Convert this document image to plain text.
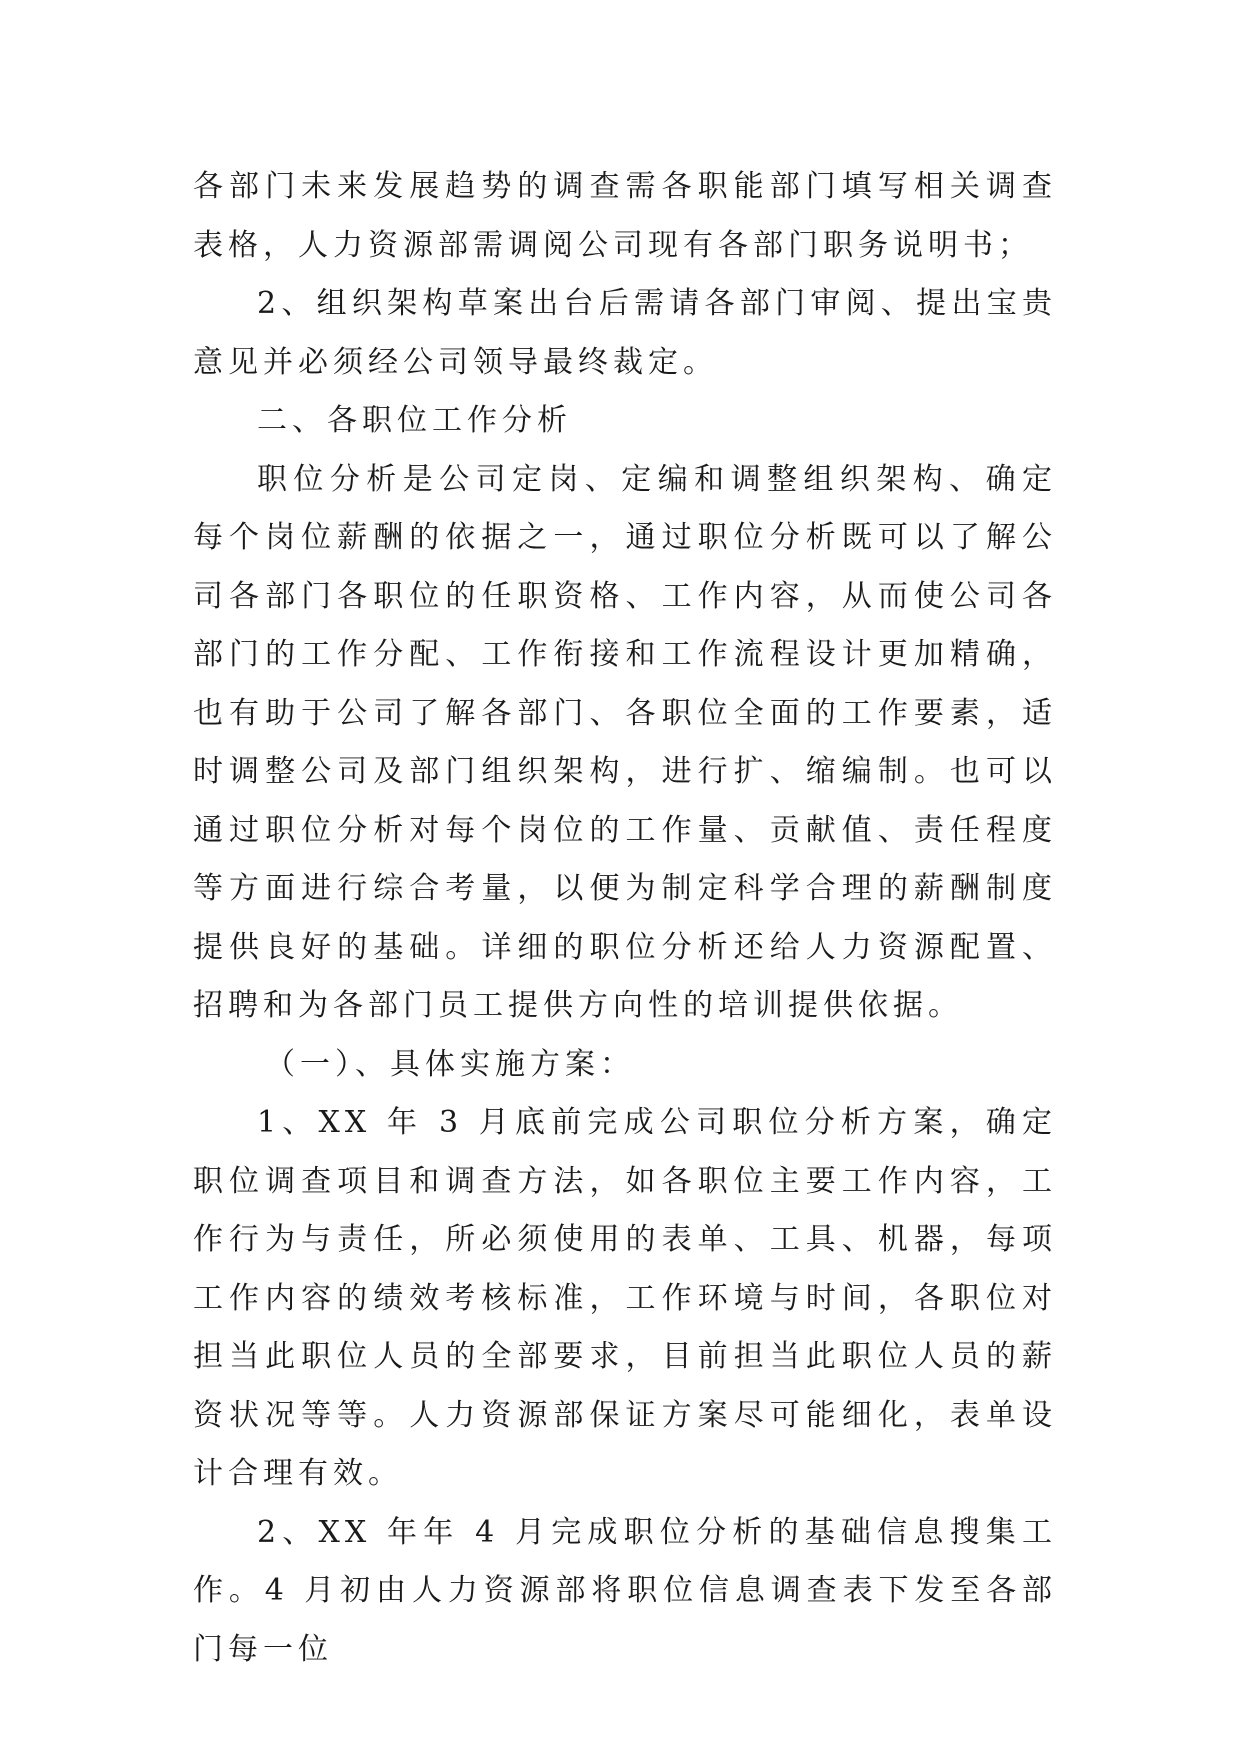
各部门未来发展趋势的调查需各职能部门填写相关调查表格，人力资源部需调阅公司现有各部门职务说明书；

2、组织架构草案出台后需请各部门审阅、提出宝贵意见并必须经公司领导最终裁定。

二、各职位工作分析

职位分析是公司定岗、定编和调整组织架构、确定每个岗位薪酬的依据之一，通过职位分析既可以了解公司各部门各职位的任职资格、工作内容，从而使公司各部门的工作分配、工作衔接和工作流程设计更加精确，也有助于公司了解各部门、各职位全面的工作要素，适时调整公司及部门组织架构，进行扩、缩编制。也可以通过职位分析对每个岗位的工作量、贡献值、责任程度等方面进行综合考量，以便为制定科学合理的薪酬制度提供良好的基础。详细的职位分析还给人力资源配置、招聘和为各部门员工提供方向性的培训提供依据。

（一）、具体实施方案：

1、XX 年 3 月底前完成公司职位分析方案，确定职位调查项目和调查方法，如各职位主要工作内容，工作行为与责任，所必须使用的表单、工具、机器，每项工作内容的绩效考核标准，工作环境与时间，各职位对担当此职位人员的全部要求，目前担当此职位人员的薪资状况等等。人力资源部保证方案尽可能细化，表单设计合理有效。

2、XX 年年 4 月完成职位分析的基础信息搜集工作。4 月初由人力资源部将职位信息调查表下发至各部门每一位
